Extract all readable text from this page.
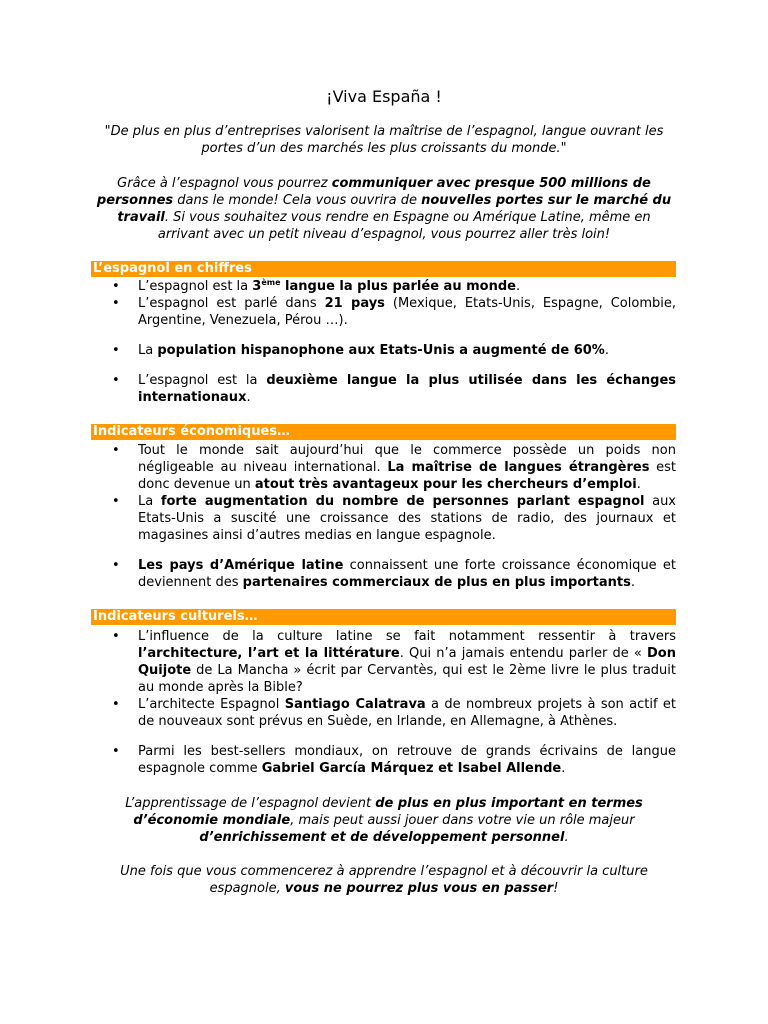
¡Viva España !

"De plus en plus d’entreprises valorisent la maîtrise de l’espagnol, langue ouvrant les portes d’un des marchés les plus croissants du monde."

Grâce à l’espagnol vous pourrez communiquer avec presque 500 millions de personnes dans le monde! Cela vous ouvrira de nouvelles portes sur le marché du travail. Si vous souhaitez vous rendre en Espagne ou Amérique Latine, même en arrivant avec un petit niveau d’espagnol, vous pourrez aller très loin!

L’espagnol en chiffres
• L’espagnol est la 3ème langue la plus parlée au monde.
• L’espagnol est parlé dans 21 pays (Mexique, Etats-Unis, Espagne, Colombie, Argentine, Venezuela, Pérou …).
• La population hispanophone aux Etats-Unis a augmenté de 60%.
• L’espagnol est la deuxième langue la plus utilisée dans les échanges internationaux.
Indicateurs économiques…
• Tout le monde sait aujourd’hui que le commerce possède un poids non négligeable au niveau international. La maîtrise de langues étrangères est donc devenue un atout très avantageux pour les chercheurs d’emploi.
• La forte augmentation du nombre de personnes parlant espagnol aux Etats-Unis a suscité une croissance des stations de radio, des journaux et magasines ainsi d’autres medias en langue espagnole.
• Les pays d’Amérique latine connaissent une forte croissance économique et deviennent des partenaires commerciaux de plus en plus importants.
Indicateurs culturels…
• L’influence de la culture latine se fait notamment ressentir à travers l’architecture, l’art et la littérature. Qui n’a jamais entendu parler de « Don Quijote de La Mancha » écrit par Cervantès, qui est le 2ème livre le plus traduit au monde après la Bible?
• L’architecte Espagnol Santiago Calatrava a de nombreux projets à son actif et de nouveaux sont prévus en Suède, en Irlande, en Allemagne, à Athènes.
• Parmi les best-sellers mondiaux, on retrouve de grands écrivains de langue espagnole comme Gabriel García Márquez et Isabel Allende.

L’apprentissage de l’espagnol devient de plus en plus important en termes d’économie mondiale, mais peut aussi jouer dans votre vie un rôle majeur d’enrichissement et de développement personnel.

Une fois que vous commencerez à apprendre l’espagnol et à découvrir la culture espagnole, vous ne pourrez plus vous en passer!
